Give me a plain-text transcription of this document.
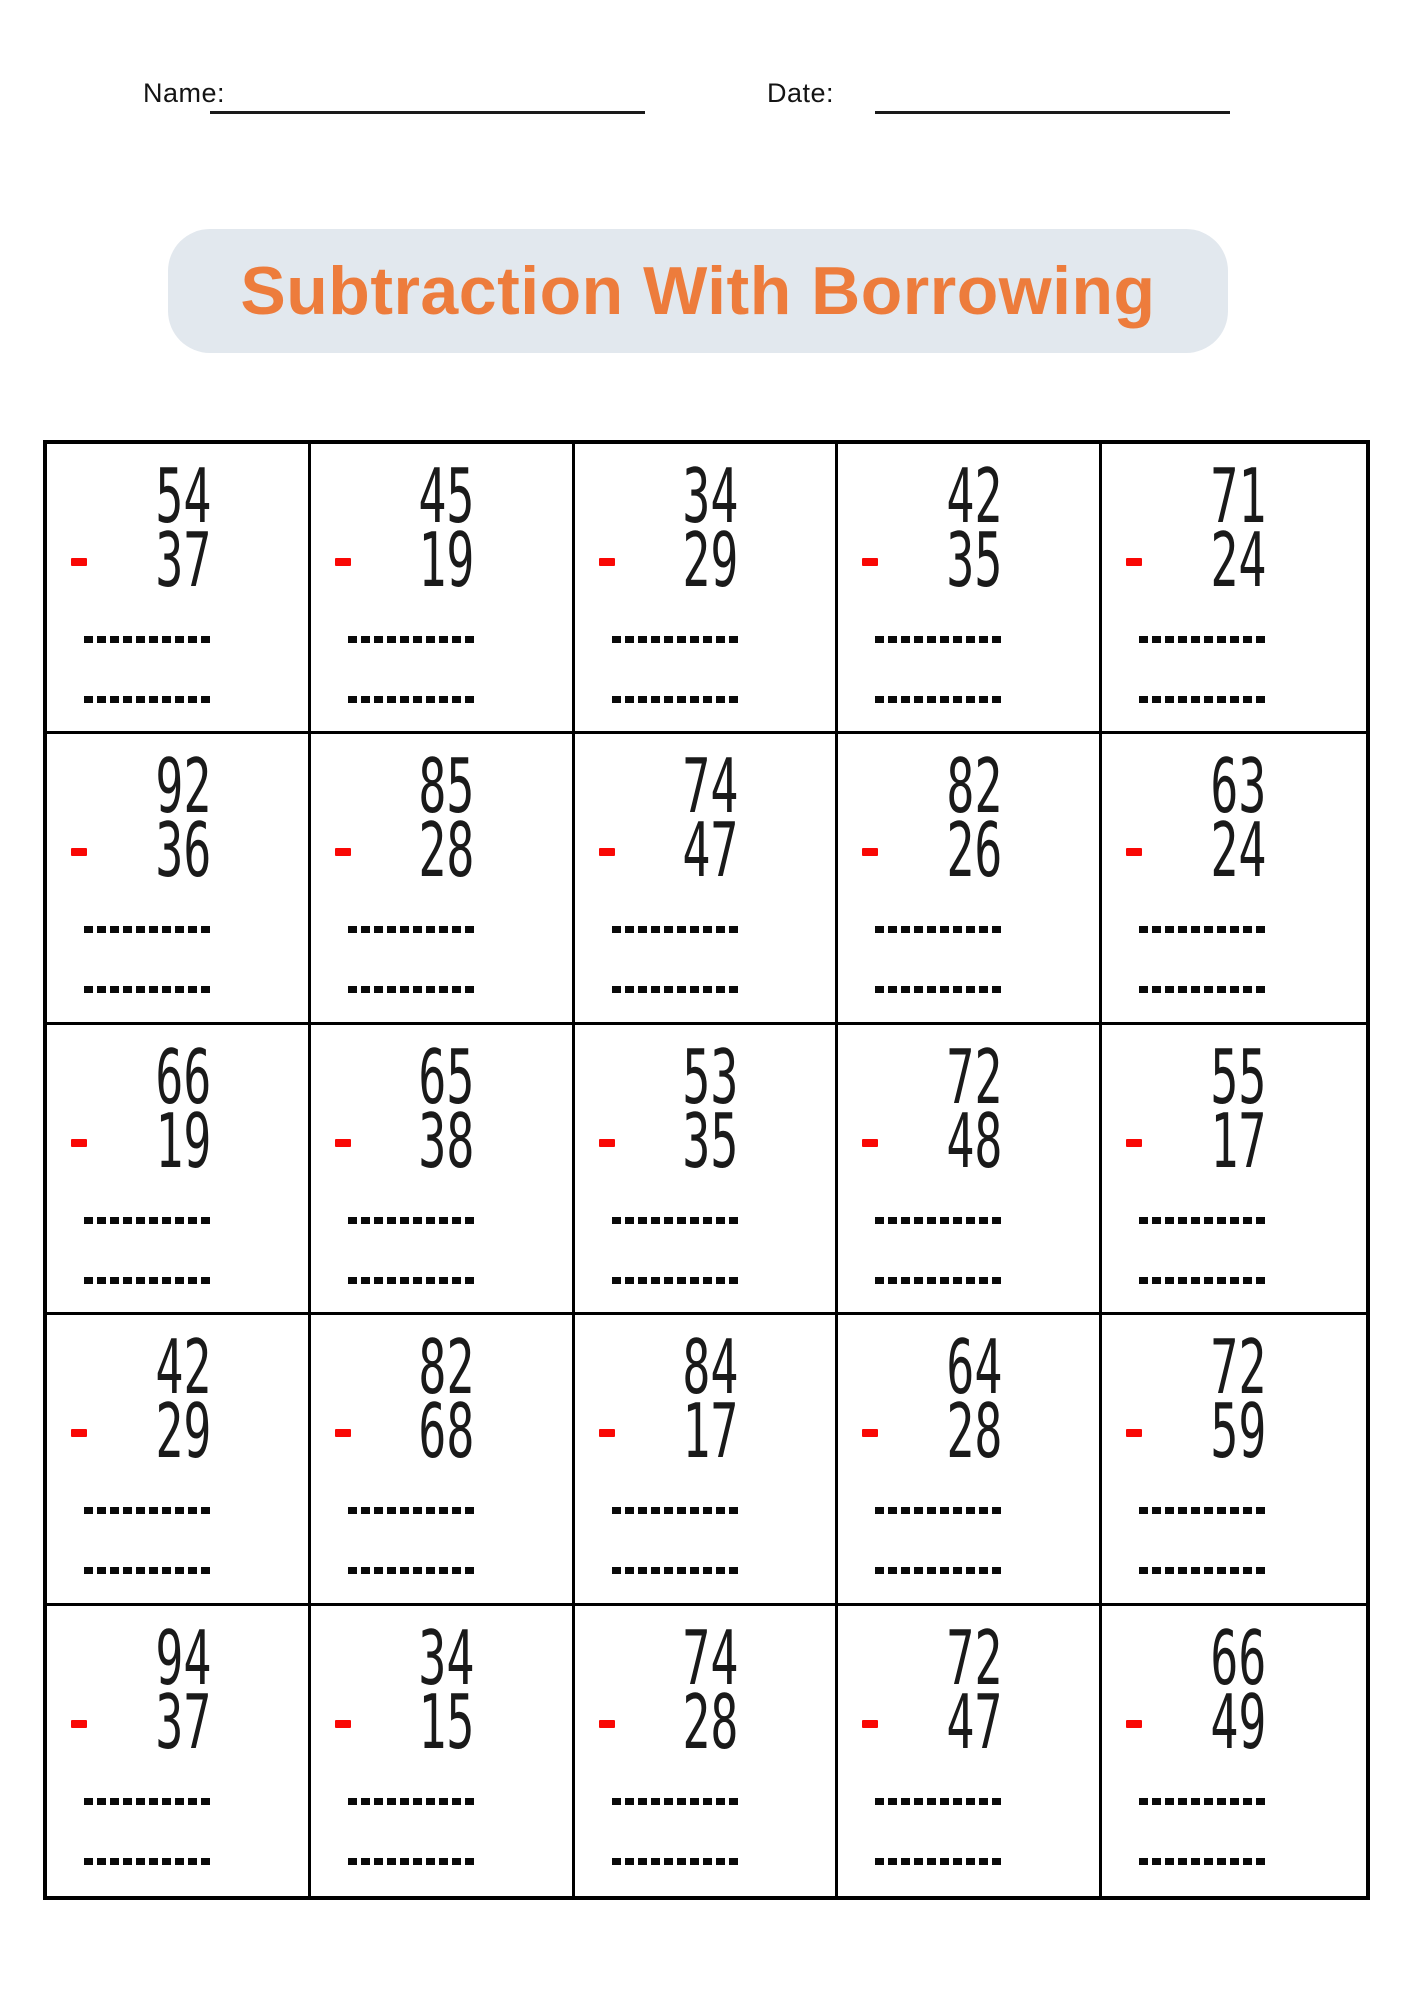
Name:	Date:
Subtraction With Borrowing
54
37
45
19
34
29
42
35
71
24
92
36
85
28
74
47
82
26
63
24
66
19
65
38
53
35
72
48
55
17
42
29
82
68
84
17
64
28
72
59
94
37
34
15
74
28
72
47
66
49
